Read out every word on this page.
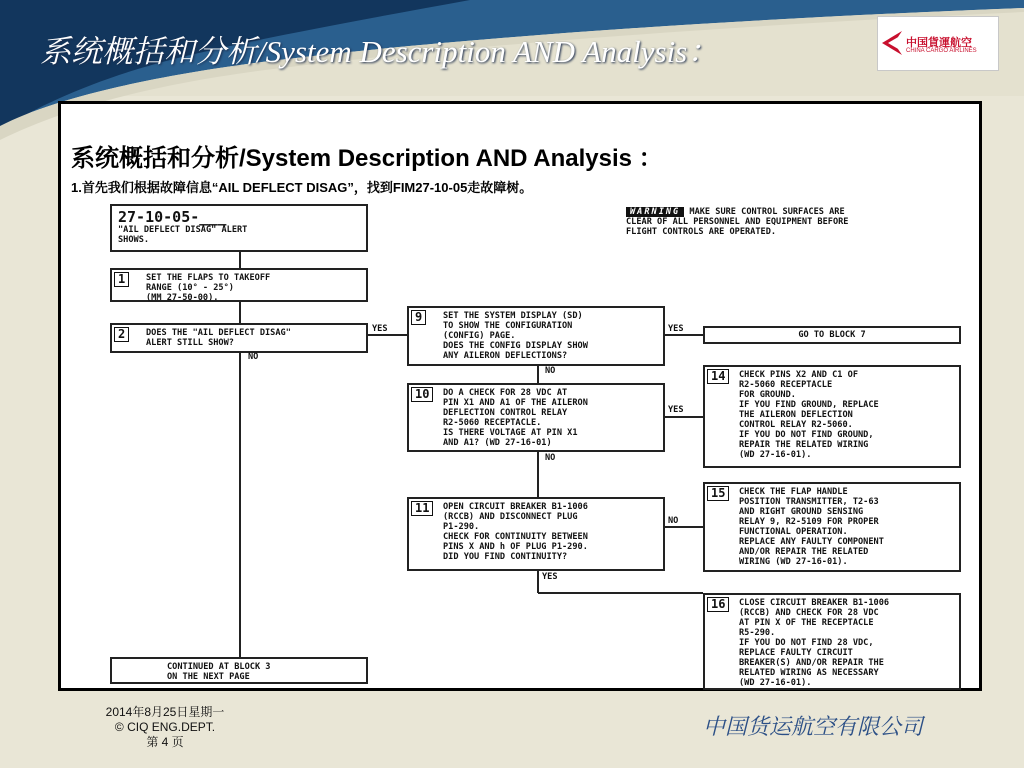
系统概括和分析/System Description AND Analysis：	中国貨運航空
CHINA CARGO AIRLINES
系统概括和分析/System Description AND Analysis ：
1.首先我们根据故障信息“AIL DEFLECT DISAG”，找到FIM27-10-05走故障树。
27-10-05-___
"AIL DEFLECT DISAG" ALERT
SHOWS.
WARNING MAKE SURE CONTROL SURFACES ARE
CLEAR OF ALL PERSONNEL AND EQUIPMENT BEFORE
FLIGHT CONTROLS ARE OPERATED.
1	SET THE FLAPS TO TAKEOFF
RANGE (10° - 25°)
(MM 27-50-00).
2	DOES THE "AIL DEFLECT DISAG"
ALERT STILL SHOW?
YES
NO
9	SET THE SYSTEM DISPLAY (SD)
TO SHOW THE CONFIGURATION
(CONFIG) PAGE.
DOES THE CONFIG DISPLAY SHOW
ANY AILERON DEFLECTIONS?
YES
GO TO BLOCK 7
NO
10	DO A CHECK FOR 28 VDC AT
PIN X1 AND A1 OF THE AILERON
DEFLECTION CONTROL RELAY
R2-5060 RECEPTACLE.
IS THERE VOLTAGE AT PIN X1
AND A1? (WD 27-16-01)
YES
NO
14	CHECK PINS X2 AND C1 OF
R2-5060 RECEPTACLE
FOR GROUND.
IF YOU FIND GROUND, REPLACE
THE AILERON DEFLECTION
CONTROL RELAY R2-5060.
IF YOU DO NOT FIND GROUND,
REPAIR THE RELATED WIRING
(WD 27-16-01).
11	OPEN CIRCUIT BREAKER B1-1006
(RCCB) AND DISCONNECT PLUG
P1-290.
CHECK FOR CONTINUITY BETWEEN
PINS X AND h OF PLUG P1-290.
DID YOU FIND CONTINUITY?
NO
YES
15	CHECK THE FLAP HANDLE
POSITION TRANSMITTER, T2-63
AND RIGHT GROUND SENSING
RELAY 9, R2-5109 FOR PROPER
FUNCTIONAL OPERATION.
REPLACE ANY FAULTY COMPONENT
AND/OR REPAIR THE RELATED
WIRING (WD 27-16-01).
16	CLOSE CIRCUIT BREAKER B1-1006
(RCCB) AND CHECK FOR 28 VDC
AT PIN X OF THE RECEPTACLE
R5-290.
IF YOU DO NOT FIND 28 VDC,
REPLACE FAULTY CIRCUIT
BREAKER(S) AND/OR REPAIR THE
RELATED WIRING AS NECESSARY
(WD 27-16-01).
CONTINUED AT BLOCK 3
ON THE NEXT PAGE
2014年8月25日星期一
© CIQ ENG.DEPT.
第 4 页
中国货运航空有限公司
